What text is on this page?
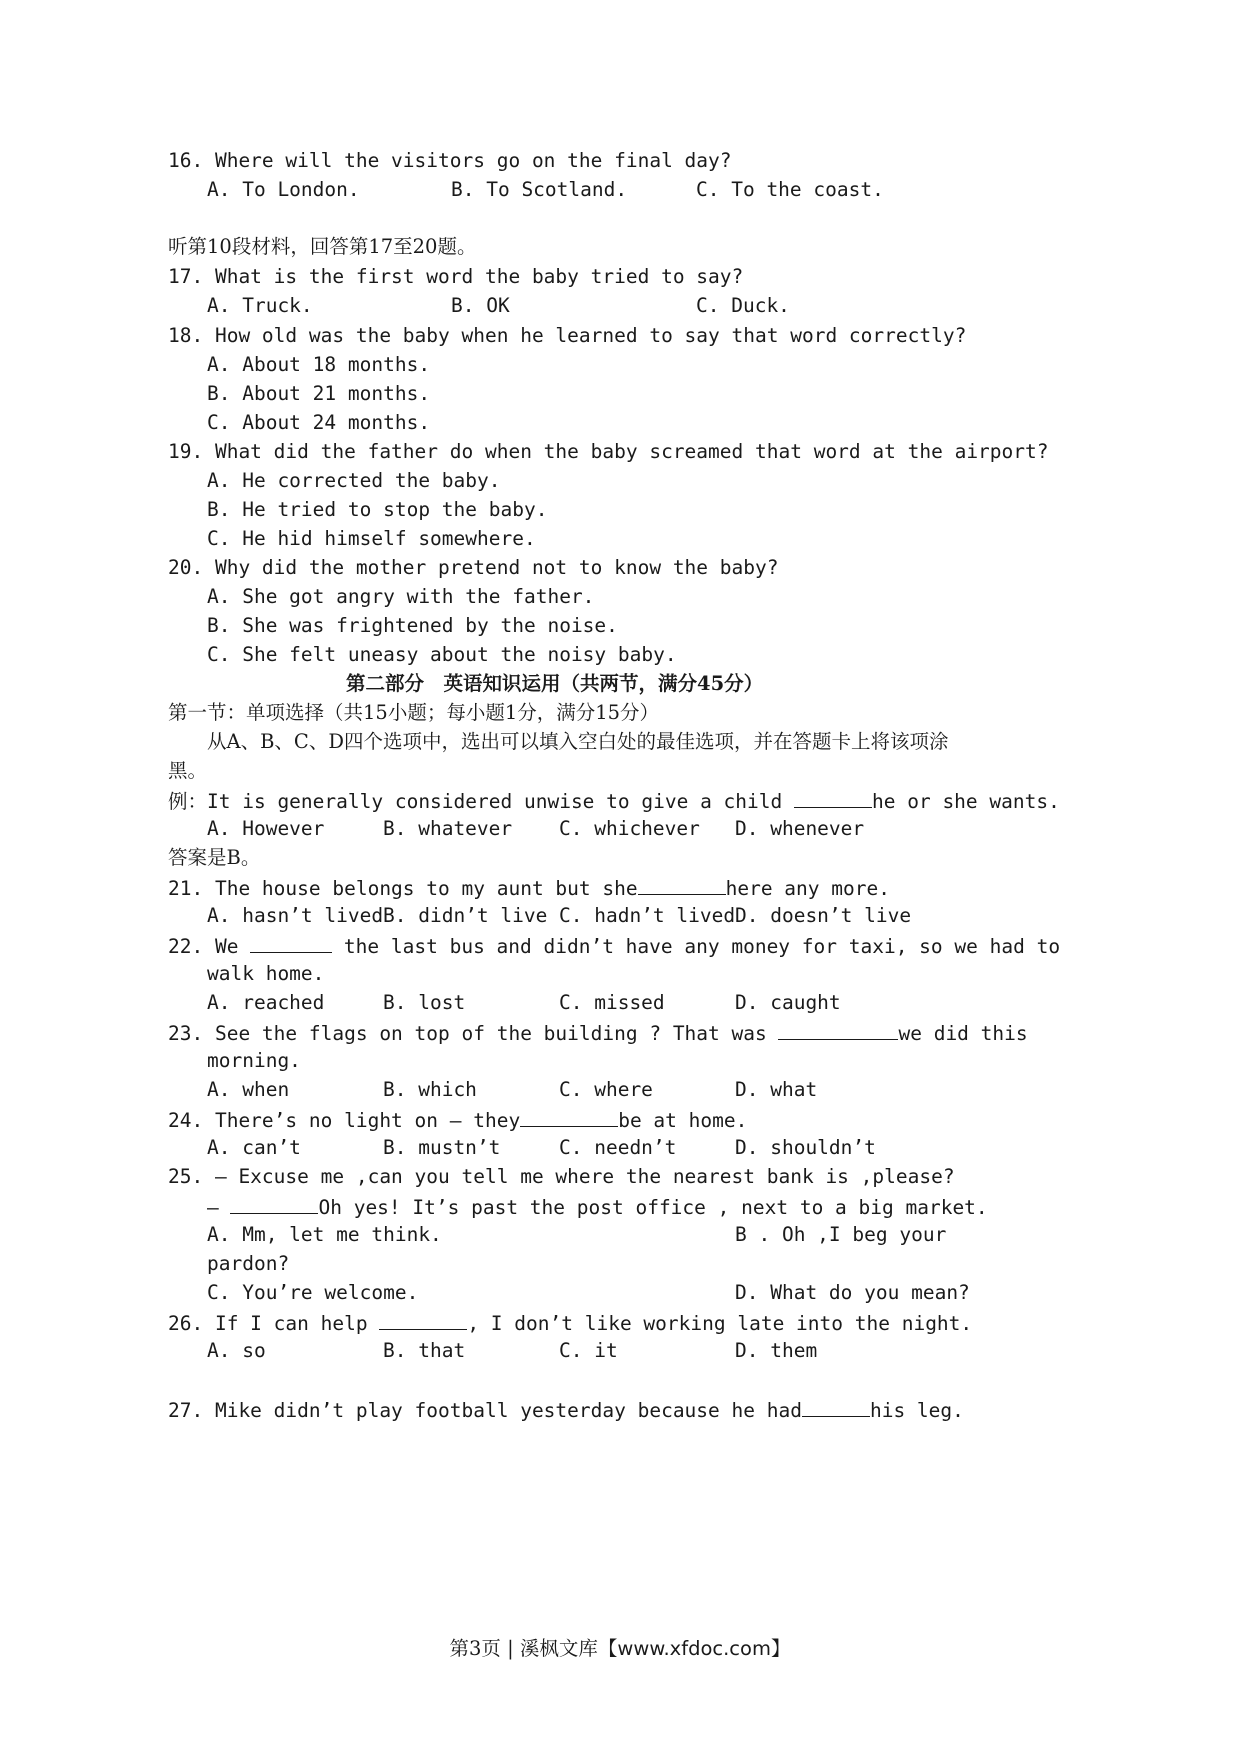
16. Where will the visitors go on the final day?
A. To London.	B. To Scotland.	C. To the coast.
听第10段材料，回答第17至20题。
17. What is the first word the baby tried to say?
A. Truck.	B. OK	C. Duck.
18. How old was the baby when he learned to say that word correctly?
A. About 18 months.
B. About 21 months.
C. About 24 months.
19. What did the father do when the baby screamed that word at the airport?
A. He corrected the baby.
B. He tried to stop the baby.
C. He hid himself somewhere.
20. Why did the mother pretend not to know the baby?
A. She got angry with the father.
B. She was frightened by the noise.
C. She felt uneasy about the noisy baby.
第二部分　英语知识运用（共两节，满分45分）
第一节：单项选择（共15小题；每小题1分，满分15分）
从A、B、C、D四个选项中，选出可以填入空白处的最佳选项，并在答题卡上将该项涂
黑。
例：It is generally considered unwise to give a child	he or she wants.
A. However	B. whatever C. whichever D. whenever
答案是B。
21. The house belongs to my aunt but she	here any more.
A. hasn’t lived B. didn’t live C. hadn’t lived D. doesn’t live
22. We	the last bus and didn’t have any money for taxi, so we had to
walk home.
A. reached	B. lost	C. missed	D. caught
23. See the flags on top of the building ? That was	we did this
morning.
A. when	B. which	C. where	D. what
24. There’s no light on — they	be at home.
A. can’t	B. mustn’t	C. needn’t	D. shouldn’t
25. — Excuse me ,can you tell me where the nearest bank is ,please?
—	Oh yes! It’s past the post office , next to a big market.
A. Mm, let me think.	B . Oh ,I beg your
pardon?
C. You’re welcome.	D. What do you mean?
26. If I can help	, I don’t like working late into the night.
A. so	B. that	C. it	D. them
27. Mike didn’t play football yesterday because he had	his leg.
第3页 | 溪枫文库【www.xfdoc.com】
